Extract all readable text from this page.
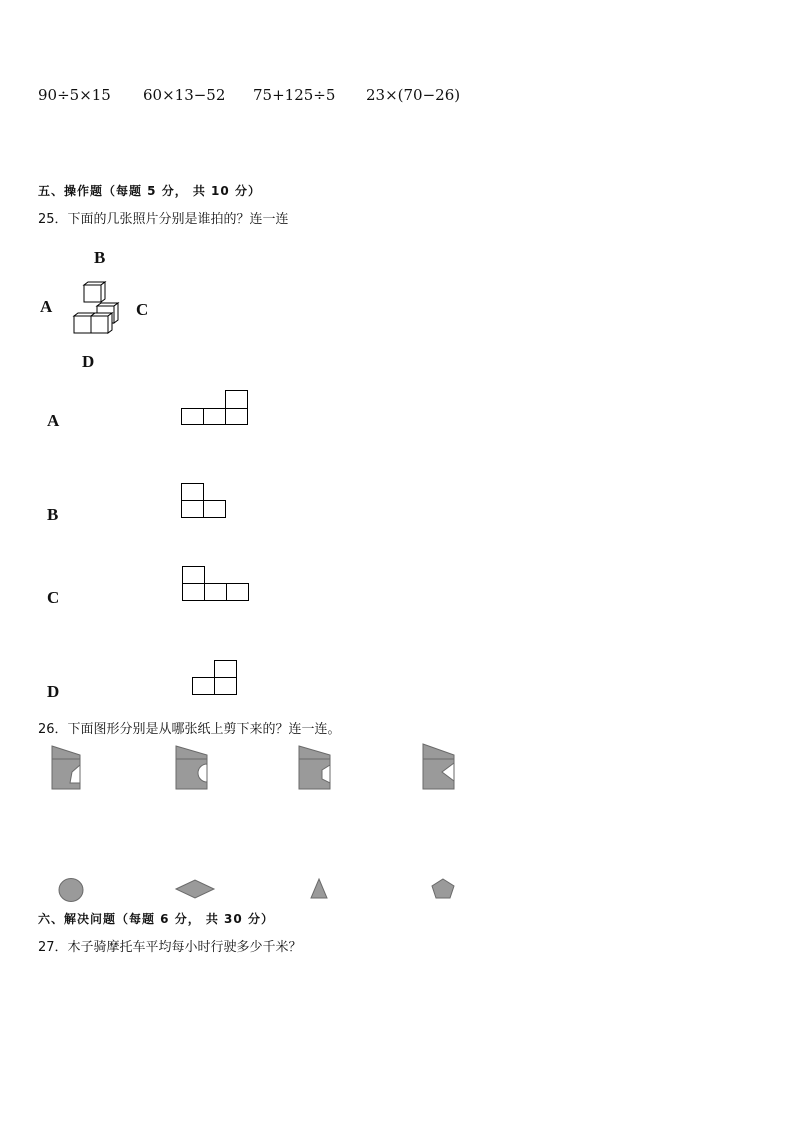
90÷5×15 60×13−52 75+125÷5 23×(70−26)
五、操作题（每题 5 分， 共 10 分）
25．下面的几张照片分别是谁拍的？连一连
B
A	C
D
A
B
C
D
26．下面图形分别是从哪张纸上剪下来的？连一连。
六、解决问题（每题 6 分， 共 30 分）
27．木子骑摩托车平均每小时行驶多少千米？
